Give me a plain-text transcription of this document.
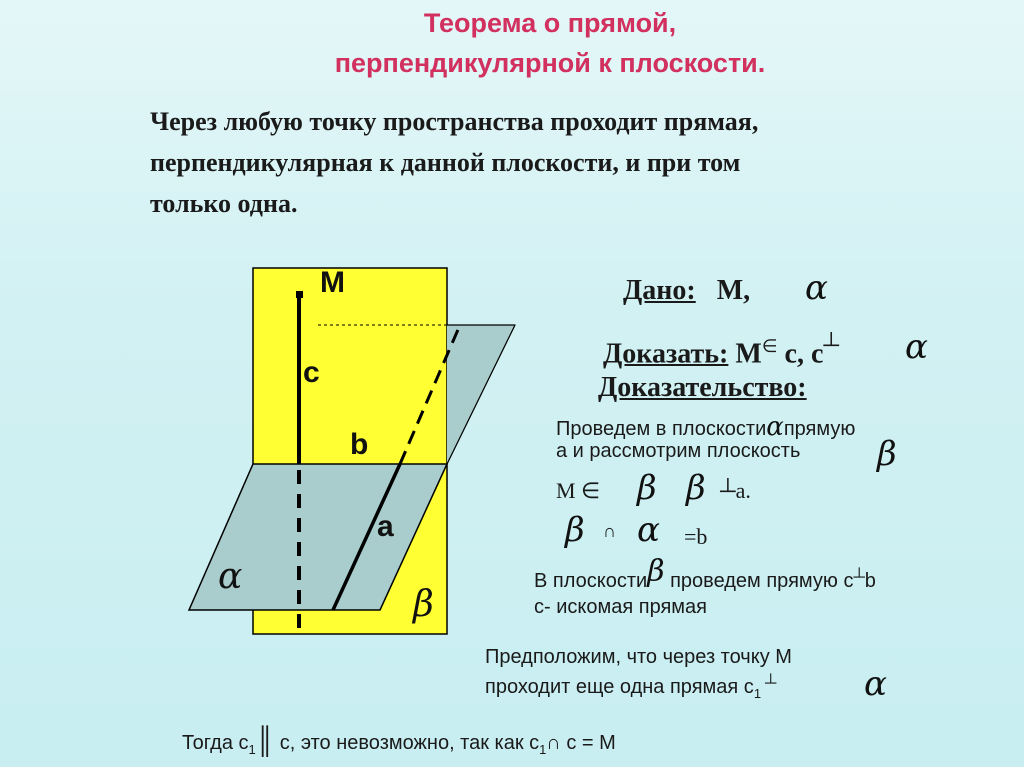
Теорема о прямой,
перпендикулярной к плоскости.
Через любую точку пространства проходит прямая,
перпендикулярная к данной плоскости, и при том
только одна.
M
c
b
a
α
β
Дано: M, α
Доказать: M∈ c, c┴ α
Доказательство:
Проведем в плоскостиαпрямую
а и рассмотрим плоскость β
M ∈ β β ┴a.
β ∩ α =b
В плоскостиβ проведем прямую c┴b
c- искомая прямая
Предположим, что через точку M
проходит еще одна прямая $c_1^┴$	α
Тогда $c_1║$ c, это невозможно, так как $c_1\cap$ c = M
